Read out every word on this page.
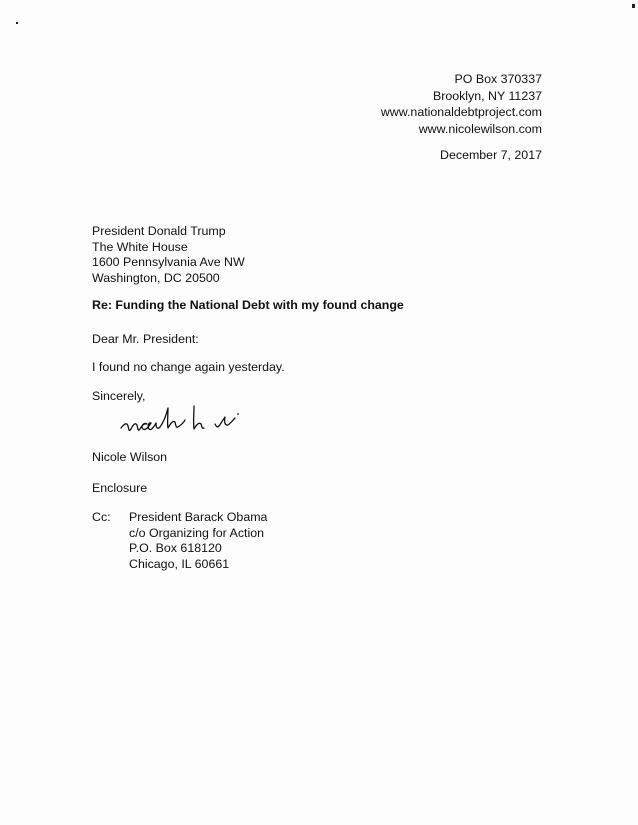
PO Box 370337
Brooklyn, NY 11237
www.nationaldebtproject.com
www.nicolewilson.com
December 7, 2017
President Donald Trump
The White House
1600 Pennsylvania Ave NW
Washington, DC 20500
Re: Funding the National Debt with my found change
Dear Mr. President:
I found no change again yesterday.
Sincerely,
Nicole Wilson
Enclosure
Cc: President Barack Obama
c/o Organizing for Action
P.O. Box 618120
Chicago, IL 60661
